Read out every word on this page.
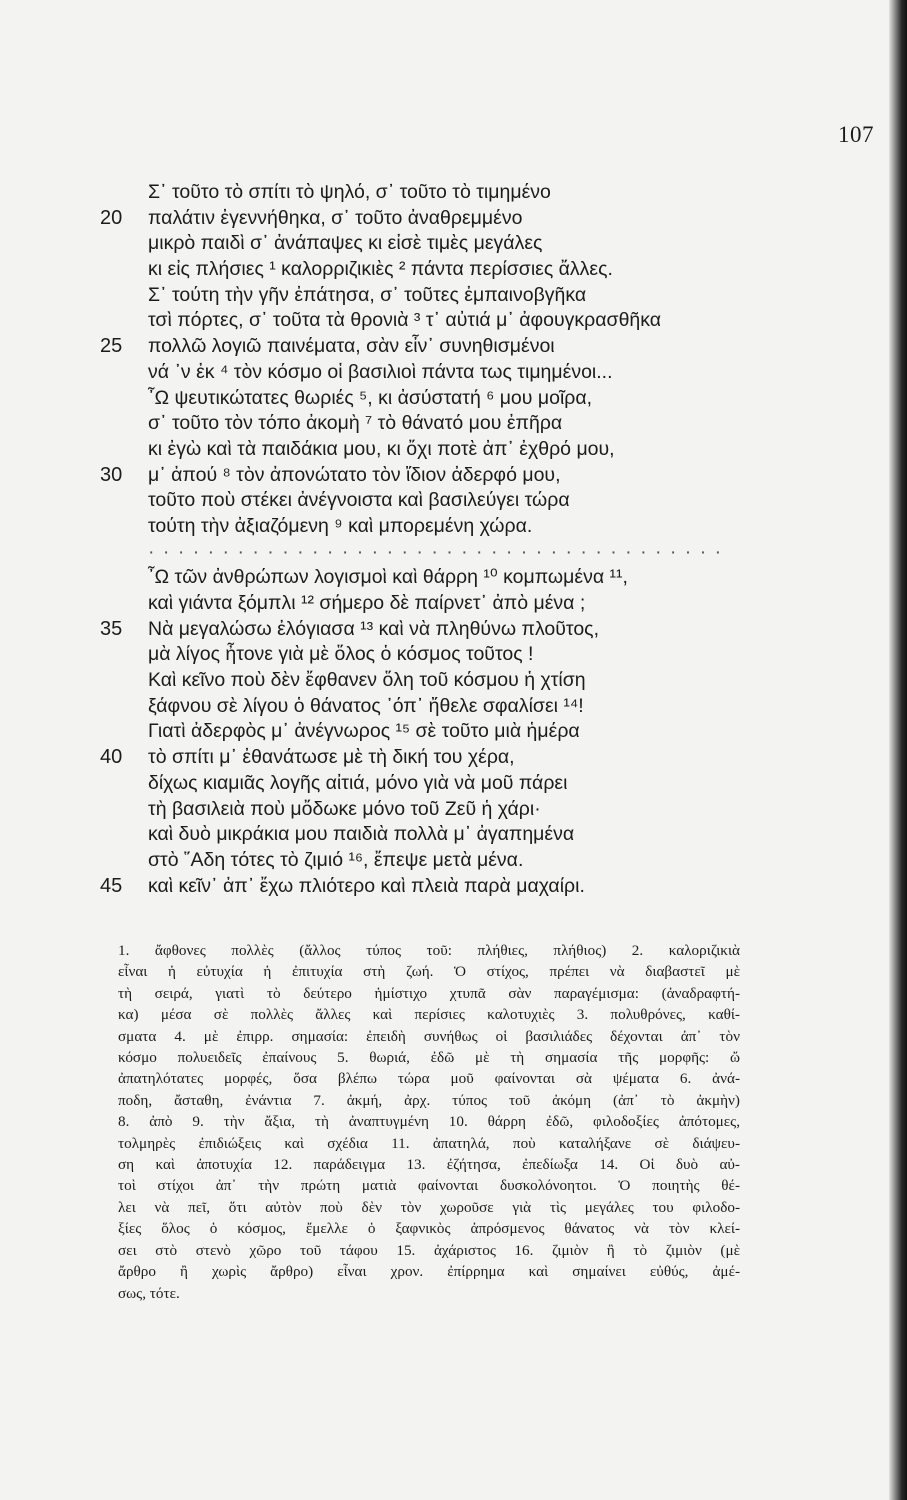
107
Σ᾽ τοῦτο τὸ σπίτι τὸ ψηλό, σ᾽ τοῦτο τὸ τιμημένο
20	παλάτιν ἐγεννήθηκα, σ᾽ τοῦτο ἀναθρεμμένο
μικρὸ παιδὶ σ᾽ ἀνάπαψες κι εἰσὲ τιμὲς μεγάλες
κι εἰς πλήσιες ¹ καλορριζικιὲς ² πάντα περίσσιες ἄλλες.
Σ᾽ τούτη τὴν γῆν ἐπάτησα, σ᾽ τοῦτες ἐμπαινοβγῆκα
τσὶ πόρτες, σ᾽ τοῦτα τὰ θρονιὰ ³ τ᾽ αὐτιά μ᾽ ἀφουγκρασθῆκα
25	πολλῶ λογιῶ παινέματα, σὰν εἶν᾽ συνηθισμένοι
νά ᾽ν ἐκ ⁴ τὸν κόσμο οἱ βασιλιοὶ πάντα τως τιμημένοι...
῏Ω ψευτικώτατες θωριές ⁵, κι ἀσύστατή ⁶ μου μοῖρα,
σ᾽ τοῦτο τὸν τόπο ἀκομὴ ⁷ τὸ θάνατό μου ἐπῆρα
κι ἐγὼ καὶ τὰ παιδάκια μου, κι ὄχι ποτὲ ἀπ᾽ ἐχθρό μου,
30	μ᾽ ἀπού ⁸ τὸν ἀπονώτατο τὸν ἴδιον ἀδερφό μου,
τοῦτο ποὺ στέκει ἀνέγνοιστα καὶ βασιλεύγει τώρα
τούτη τὴν ἀξιαζόμενη ⁹ καὶ μπορεμένη χώρα.
· · · · · · · · · · · · · · · · · · · · · · · · · · · · · · · · · · · · · · ·
῏Ω τῶν ἀνθρώπων λογισμοὶ καὶ θάρρη ¹⁰ κομπωμένα ¹¹,
καὶ γιάντα ξόμπλι ¹² σήμερο δὲ παίρνετ᾽ ἀπὸ μένα ;
35	Νὰ μεγαλώσω ἐλόγιασα ¹³ καὶ νὰ πληθύνω πλοῦτος,
μὰ λίγος ἦτονε γιὰ μὲ ὅλος ὁ κόσμος τοῦτος !
Καὶ κεῖνο ποὺ δὲν ἔφθανεν ὅλη τοῦ κόσμου ἡ χτίση
ξάφνου σὲ λίγου ὁ θάνατος ᾽όπ᾽ ἤθελε σφαλίσει ¹⁴!
Γιατὶ ἀδερφὸς μ᾽ ἀνέγνωρος ¹⁵ σὲ τοῦτο μιὰ ἡμέρα
40	τὸ σπίτι μ᾽ ἐθανάτωσε μὲ τὴ δική του χέρα,
δίχως κιαμιᾶς λογῆς αἰτιά, μόνο γιὰ νὰ μοῦ πάρει
τὴ βασιλειὰ ποὺ μὄδωκε μόνο τοῦ Ζεῦ ἡ χάρι·
καὶ δυὸ μικράκια μου παιδιὰ πολλὰ μ᾽ ἀγαπημένα
στὸ ῞Αδη τότες τὸ ζιμιό ¹⁶, ἔπεψε μετὰ μένα.
45	καὶ κεῖν᾽ ἀπ᾽ ἔχω πλιότερο καὶ πλειὰ παρὰ μαχαίρι.
1. ἄφθονες πολλὲς (ἄλλος τύπος τοῦ: πλήθιες, πλήθιος) 2. καλοριζικιὰ
εἶναι ἡ εὐτυχία ἡ ἐπιτυχία στὴ ζωή. Ὁ στίχος, πρέπει νὰ διαβαστεῖ μὲ
τὴ σειρά, γιατὶ τὸ δεύτερο ἡμίστιχο χτυπᾶ σὰν παραγέμισμα: (ἀναδραφτή-
κα) μέσα σὲ πολλὲς ἄλλες καὶ περίσιες καλοτυχιὲς 3. πολυθρόνες, καθί-
σματα 4. μὲ ἐπιρρ. σημασία: ἐπειδὴ συνήθως οἱ βασιλιάδες δέχονται ἀπ᾽ τὸν
κόσμο πολυειδεῖς ἐπαίνους 5. θωριά, ἐδῶ μὲ τὴ σημασία τῆς μορφῆς: ὤ
ἀπατηλότατες μορφές, ὅσα βλέπω τώρα μοῦ φαίνονται σὰ ψέματα 6. ἀνά-
ποδη, ἄσταθη, ἐνάντια 7. ἀκμή, ἀρχ. τύπος τοῦ ἀκόμη (ἀπ᾽ τὸ ἀκμὴν)
8. ἀπὸ 9. τὴν ἄξια, τὴ ἀναπτυγμένη 10. θάρρη ἐδῶ, φιλοδοξίες ἀπότομες,
τολμηρὲς ἐπιδιώξεις καὶ σχέδια 11. ἀπατηλά, ποὺ καταλήξανε σὲ διάψευ-
ση καὶ ἀποτυχία 12. παράδειγμα 13. ἐζήτησα, ἐπεδίωξα 14. Οἱ δυὸ αὐ-
τοὶ στίχοι ἀπ᾽ τὴν πρώτη ματιὰ φαίνονται δυσκολόνοητοι. Ὁ ποιητὴς θέ-
λει νὰ πεῖ, ὅτι αὐτὸν ποὺ δὲν τὸν χωροῦσε γιὰ τὶς μεγάλες του φιλοδο-
ξίες ὅλος ὁ κόσμος, ἔμελλε ὁ ξαφνικὸς ἀπρόσμενος θάνατος νὰ τὸν κλεί-
σει στὸ στενὸ χῶρο τοῦ τάφου 15. ἀχάριστος 16. ζιμιὸν ἢ τὸ ζιμιὸν (μὲ
ἄρθρο ἢ χωρὶς ἄρθρο) εἶναι χρον. ἐπίρρημα καὶ σημαίνει εὐθύς, ἀμέ-
σως, τότε.
